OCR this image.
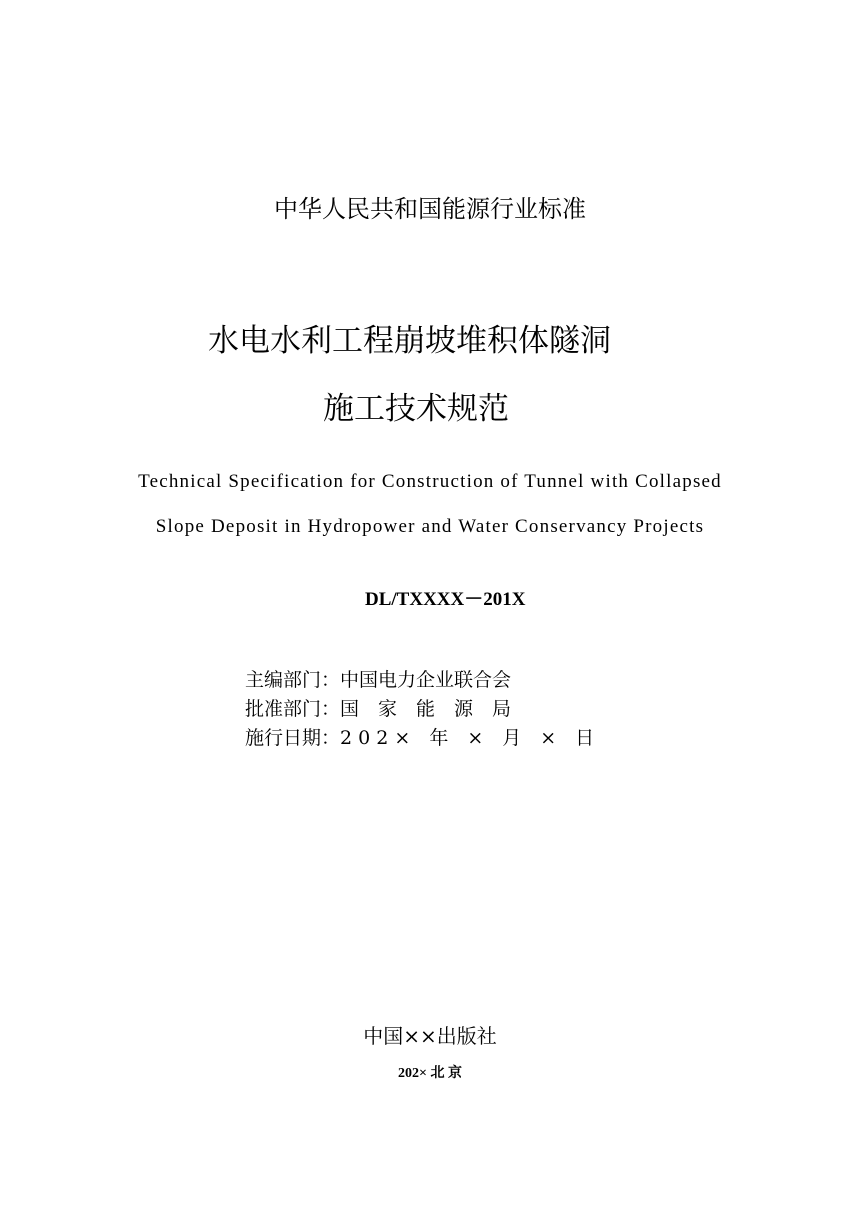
中华人民共和国能源行业标准
水电水利工程崩坡堆积体隧洞
施工技术规范
Technical Specification for Construction of Tunnel with Collapsed
Slope Deposit in Hydropower and Water Conservancy Projects
DL/TXXXX－201X
主编部门：中国电力企业联合会
批准部门：国　家　能　源　局
施行日期：2 0 2 ×　年　×　月　×　日
中国××出版社
202× 北 京
